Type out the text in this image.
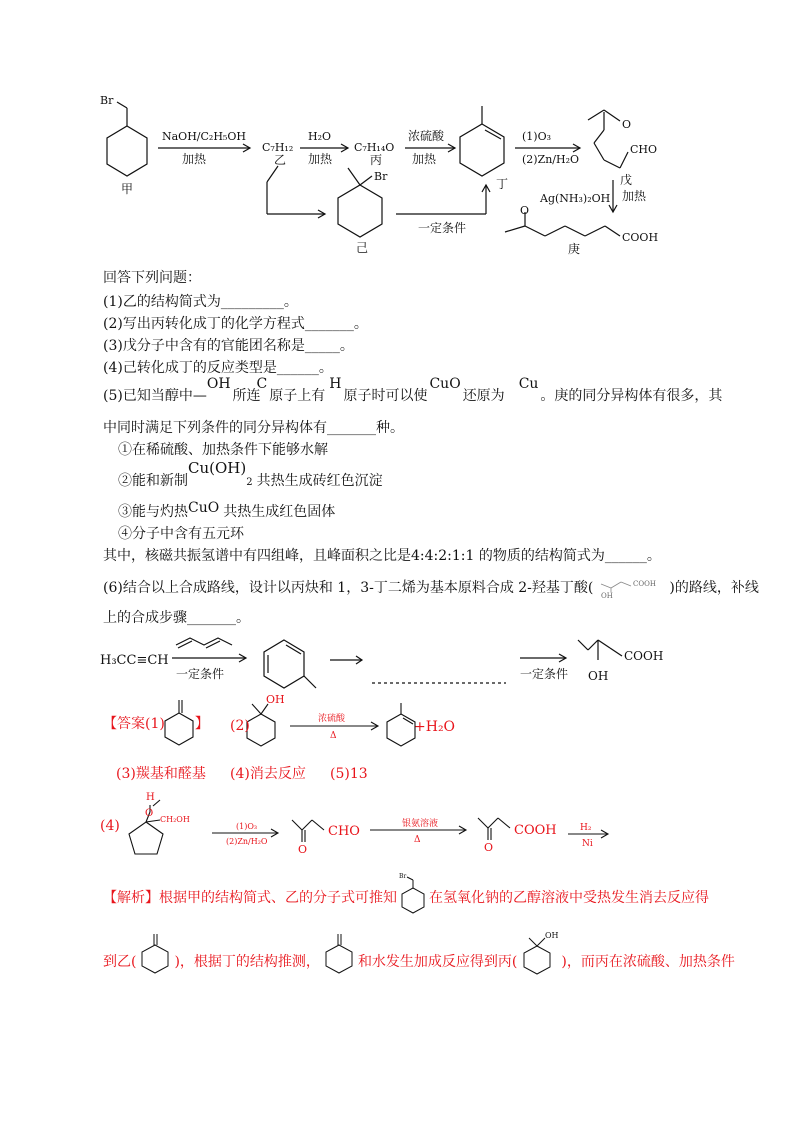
Br
甲
NaOH/C₂H₅OH
加热
C₇H₁₂
乙
H₂O
加热
C₇H₁₄O
丙
浓硫酸
加热
丁
(1)O₃
(2)Zn/H₂O
O
CHO
戊
Ag(NH₃)₂OH 加热
O
COOH
庚
Br
己
一定条件
回答下列问题：
(1)乙的结构简式为_________。
(2)写出丙转化成丁的化学方程式_______。
(3)戊分子中含有的官能团名称是_____。
(4)己转化成丁的反应类型是______。
(5)已知当醇中—OH所连C原子上有H原子时可以使CuO还原为Cu。庚的同分异构体有很多，其
中同时满足下列条件的同分异构体有_______种。
①在稀硫酸、加热条件下能够水解
②能和新制Cu(OH)2 共热生成砖红色沉淀
③能与灼热CuO 共热生成红色固体
④分子中含有五元环
其中，核磁共振氢谱中有四组峰，且峰面积之比是4:4:2:1:1 的物质的结构简式为______。
(6)结合以上合成路线，设计以丙炔和 1，3-丁二烯为基本原料合成 2-羟基丁酸(	COOH
OH	)的路线，补线
上的合成步骤_______。
H₃CC≡CH
一定条件	一定条件
COOH
OH
【答案(1) 】 (2)
OH
浓硫酸
Δ
+H₂O
(3)羰基和醛基 (4)消去反应 (5)13
(4)
H
O
CH₂OH
(1)O₃
(2)Zn/H₂O
CHO
O
银氨溶液
Δ
COOH
O
H₂
Ni
【解析】根据甲的结构简式、乙的分子式可推知
Br
在氢氧化钠的乙醇溶液中受热发生消去反应得
到乙(	)，根据丁的结构推测，	和水发生加成反应得到丙(
OH
)，而丙在浓硫酸、加热条件
